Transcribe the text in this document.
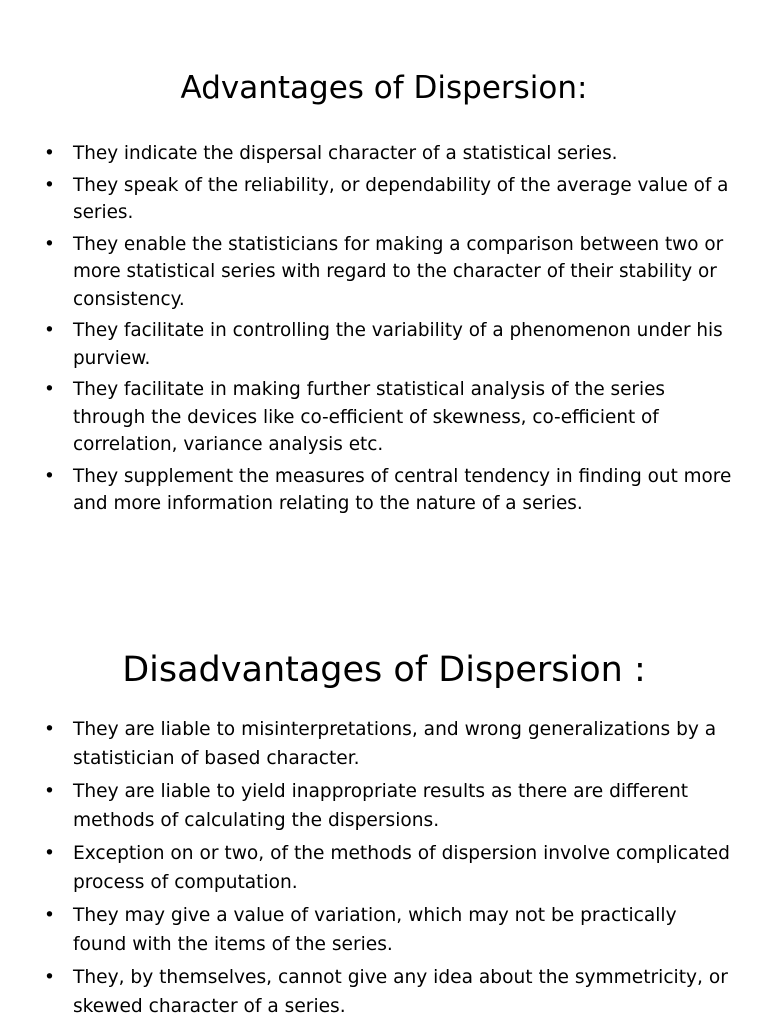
Advantages of Dispersion:
• They indicate the dispersal character of a statistical series.
• They speak of the reliability, or dependability of the average value of a series.
• They enable the statisticians for making a comparison between two or more statistical series with regard to the character of their stability or consistency.
• They facilitate in controlling the variability of a phenomenon under his purview.
• They facilitate in making further statistical analysis of the series through the devices like co-efficient of skewness, co-efficient of correlation, variance analysis etc.
• They supplement the measures of central tendency in finding out more and more information relating to the nature of a series.
Disadvantages of Dispersion :
• They are liable to misinterpretations, and wrong generalizations by a statistician of based character.
• They are liable to yield inappropriate results as there are different methods of calculating the dispersions.
• Exception on or two, of the methods of dispersion involve complicated process of computation.
• They may give a value of variation, which may not be practically found with the items of the series.
• They, by themselves, cannot give any idea about the symmetricity, or skewed character of a series.
